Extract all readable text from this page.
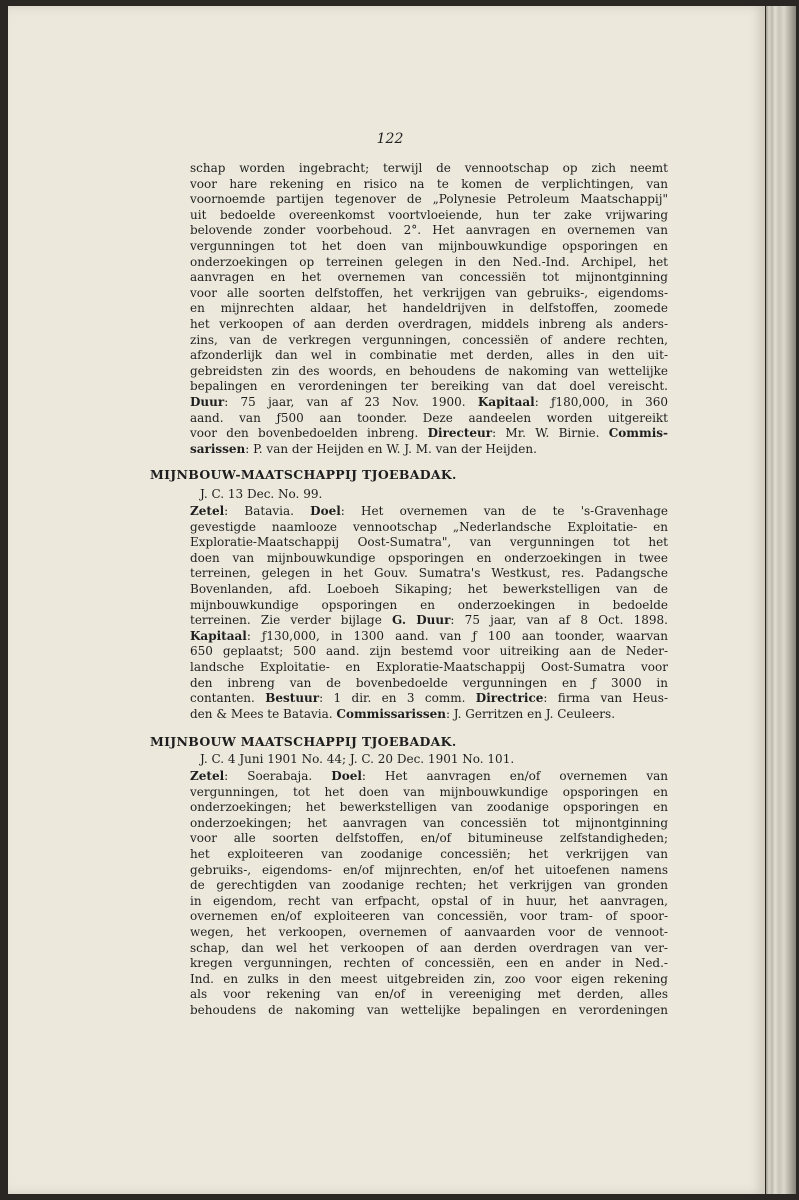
122
schap worden ingebracht; terwijl de vennootschap op zich neemt
voor hare rekening en risico na te komen de verplichtingen, van
voornoemde partijen tegenover de „Polynesie Petroleum Maatschappij"
uit bedoelde overeenkomst voortvloeiende, hun ter zake vrijwaring
belovende zonder voorbehoud. 2°. Het aanvragen en overnemen van
vergunningen tot het doen van mijnbouwkundige opsporingen en
onderzoekingen op terreinen gelegen in den Ned.-Ind. Archipel, het
aanvragen en het overnemen van concessiën tot mijnontginning
voor alle soorten delfstoffen, het verkrijgen van gebruiks-, eigendoms-
en mijnrechten aldaar, het handeldrijven in delfstoffen, zoomede
het verkoopen of aan derden overdragen, middels inbreng als anders-
zins, van de verkregen vergunningen, concessiën of andere rechten,
afzonderlijk dan wel in combinatie met derden, alles in den uit-
gebreidsten zin des woords, en behoudens de nakoming van wettelijke
bepalingen en verordeningen ter bereiking van dat doel vereischt.
Duur: 75 jaar, van af 23 Nov. 1900. Kapitaal: ƒ180,000, in 360
aand. van ƒ500 aan toonder. Deze aandeelen worden uitgereikt
voor den bovenbedoelden inbreng. Directeur: Mr. W. Birnie. Commis-
sarissen: P. van der Heijden en W. J. M. van der Heijden.
MIJNBOUW-MAATSCHAPPIJ TJOEBADAK.
J. C. 13 Dec. No. 99.
Zetel: Batavia. Doel: Het overnemen van de te 's-Gravenhage
gevestigde naamlooze vennootschap „Nederlandsche Exploitatie- en
Exploratie-Maatschappij Oost-Sumatra", van vergunningen tot het
doen van mijnbouwkundige opsporingen en onderzoekingen in twee
terreinen, gelegen in het Gouv. Sumatra's Westkust, res. Padangsche
Bovenlanden, afd. Loeboeh Sikaping; het bewerkstelligen van de
mijnbouwkundige opsporingen en onderzoekingen in bedoelde
terreinen. Zie verder bijlage G. Duur: 75 jaar, van af 8 Oct. 1898.
Kapitaal: ƒ130,000, in 1300 aand. van ƒ 100 aan toonder, waarvan
650 geplaatst; 500 aand. zijn bestemd voor uitreiking aan de Neder-
landsche Exploitatie- en Exploratie-Maatschappij Oost-Sumatra voor
den inbreng van de bovenbedoelde vergunningen en ƒ 3000 in
contanten. Bestuur: 1 dir. en 3 comm. Directrice: firma van Heus-
den & Mees te Batavia. Commissarissen: J. Gerritzen en J. Ceuleers.
MIJNBOUW MAATSCHAPPIJ TJOEBADAK.
J. C. 4 Juni 1901 No. 44; J. C. 20 Dec. 1901 No. 101.
Zetel: Soerabaja. Doel: Het aanvragen en/of overnemen van
vergunningen, tot het doen van mijnbouwkundige opsporingen en
onderzoekingen; het bewerkstelligen van zoodanige opsporingen en
onderzoekingen; het aanvragen van concessiën tot mijnontginning
voor alle soorten delfstoffen, en/of bitumineuse zelfstandigheden;
het exploiteeren van zoodanige concessiën; het verkrijgen van
gebruiks-, eigendoms- en/of mijnrechten, en/of het uitoefenen namens
de gerechtigden van zoodanige rechten; het verkrijgen van gronden
in eigendom, recht van erfpacht, opstal of in huur, het aanvragen,
overnemen en/of exploiteeren van concessiën, voor tram- of spoor-
wegen, het verkoopen, overnemen of aanvaarden voor de vennoot-
schap, dan wel het verkoopen of aan derden overdragen van ver-
kregen vergunningen, rechten of concessiën, een en ander in Ned.-
Ind. en zulks in den meest uitgebreiden zin, zoo voor eigen rekening
als voor rekening van en/of in vereeniging met derden, alles
behoudens de nakoming van wettelijke bepalingen en verordeningen
